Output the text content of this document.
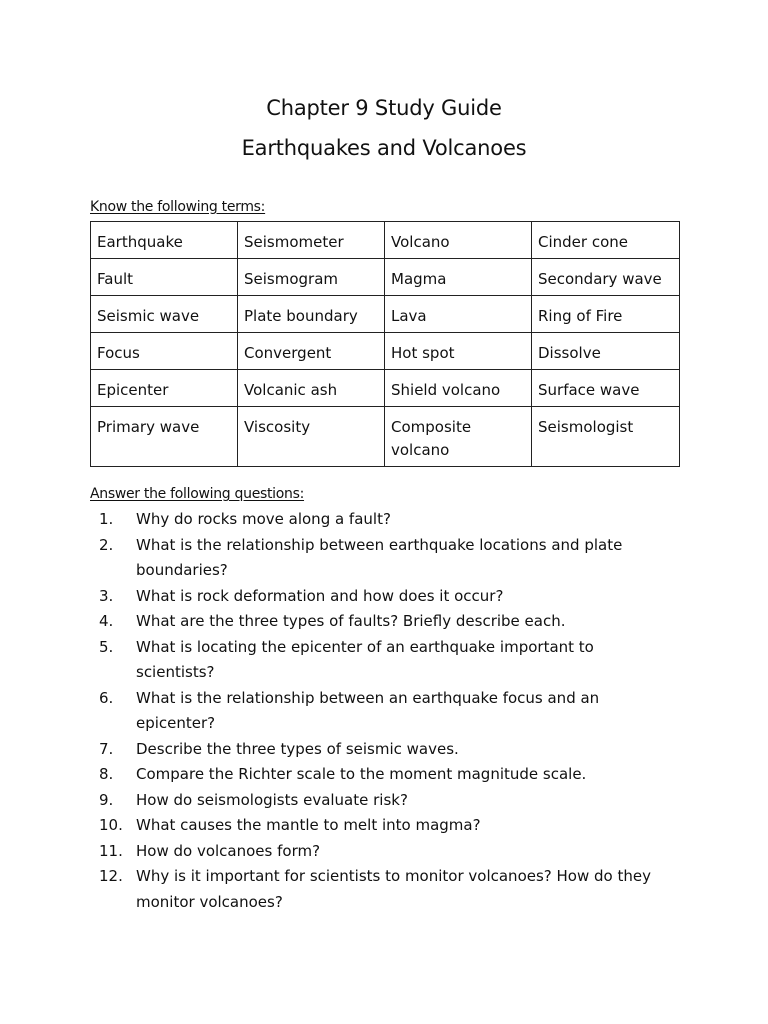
Chapter 9 Study Guide
Earthquakes and Volcanoes
Know the following terms:
Earthquake	Seismometer	Volcano	Cinder cone
Fault	Seismogram	Magma	Secondary wave
Seismic wave	Plate boundary	Lava	Ring of Fire
Focus	Convergent	Hot spot	Dissolve
Epicenter	Volcanic ash	Shield volcano	Surface wave
Primary wave	Viscosity	Composite volcano	Seismologist
Answer the following questions:
1.	Why do rocks move along a fault?
2.	What is the relationship between earthquake locations and plate boundaries?
3.	What is rock deformation and how does it occur?
4.	What are the three types of faults? Briefly describe each.
5.	What is locating the epicenter of an earthquake important to scientists?
6.	What is the relationship between an earthquake focus and an epicenter?
7.	Describe the three types of seismic waves.
8.	Compare the Richter scale to the moment magnitude scale.
9.	How do seismologists evaluate risk?
10. What causes the mantle to melt into magma?
11. How do volcanoes form?
12. Why is it important for scientists to monitor volcanoes? How do they monitor volcanoes?
